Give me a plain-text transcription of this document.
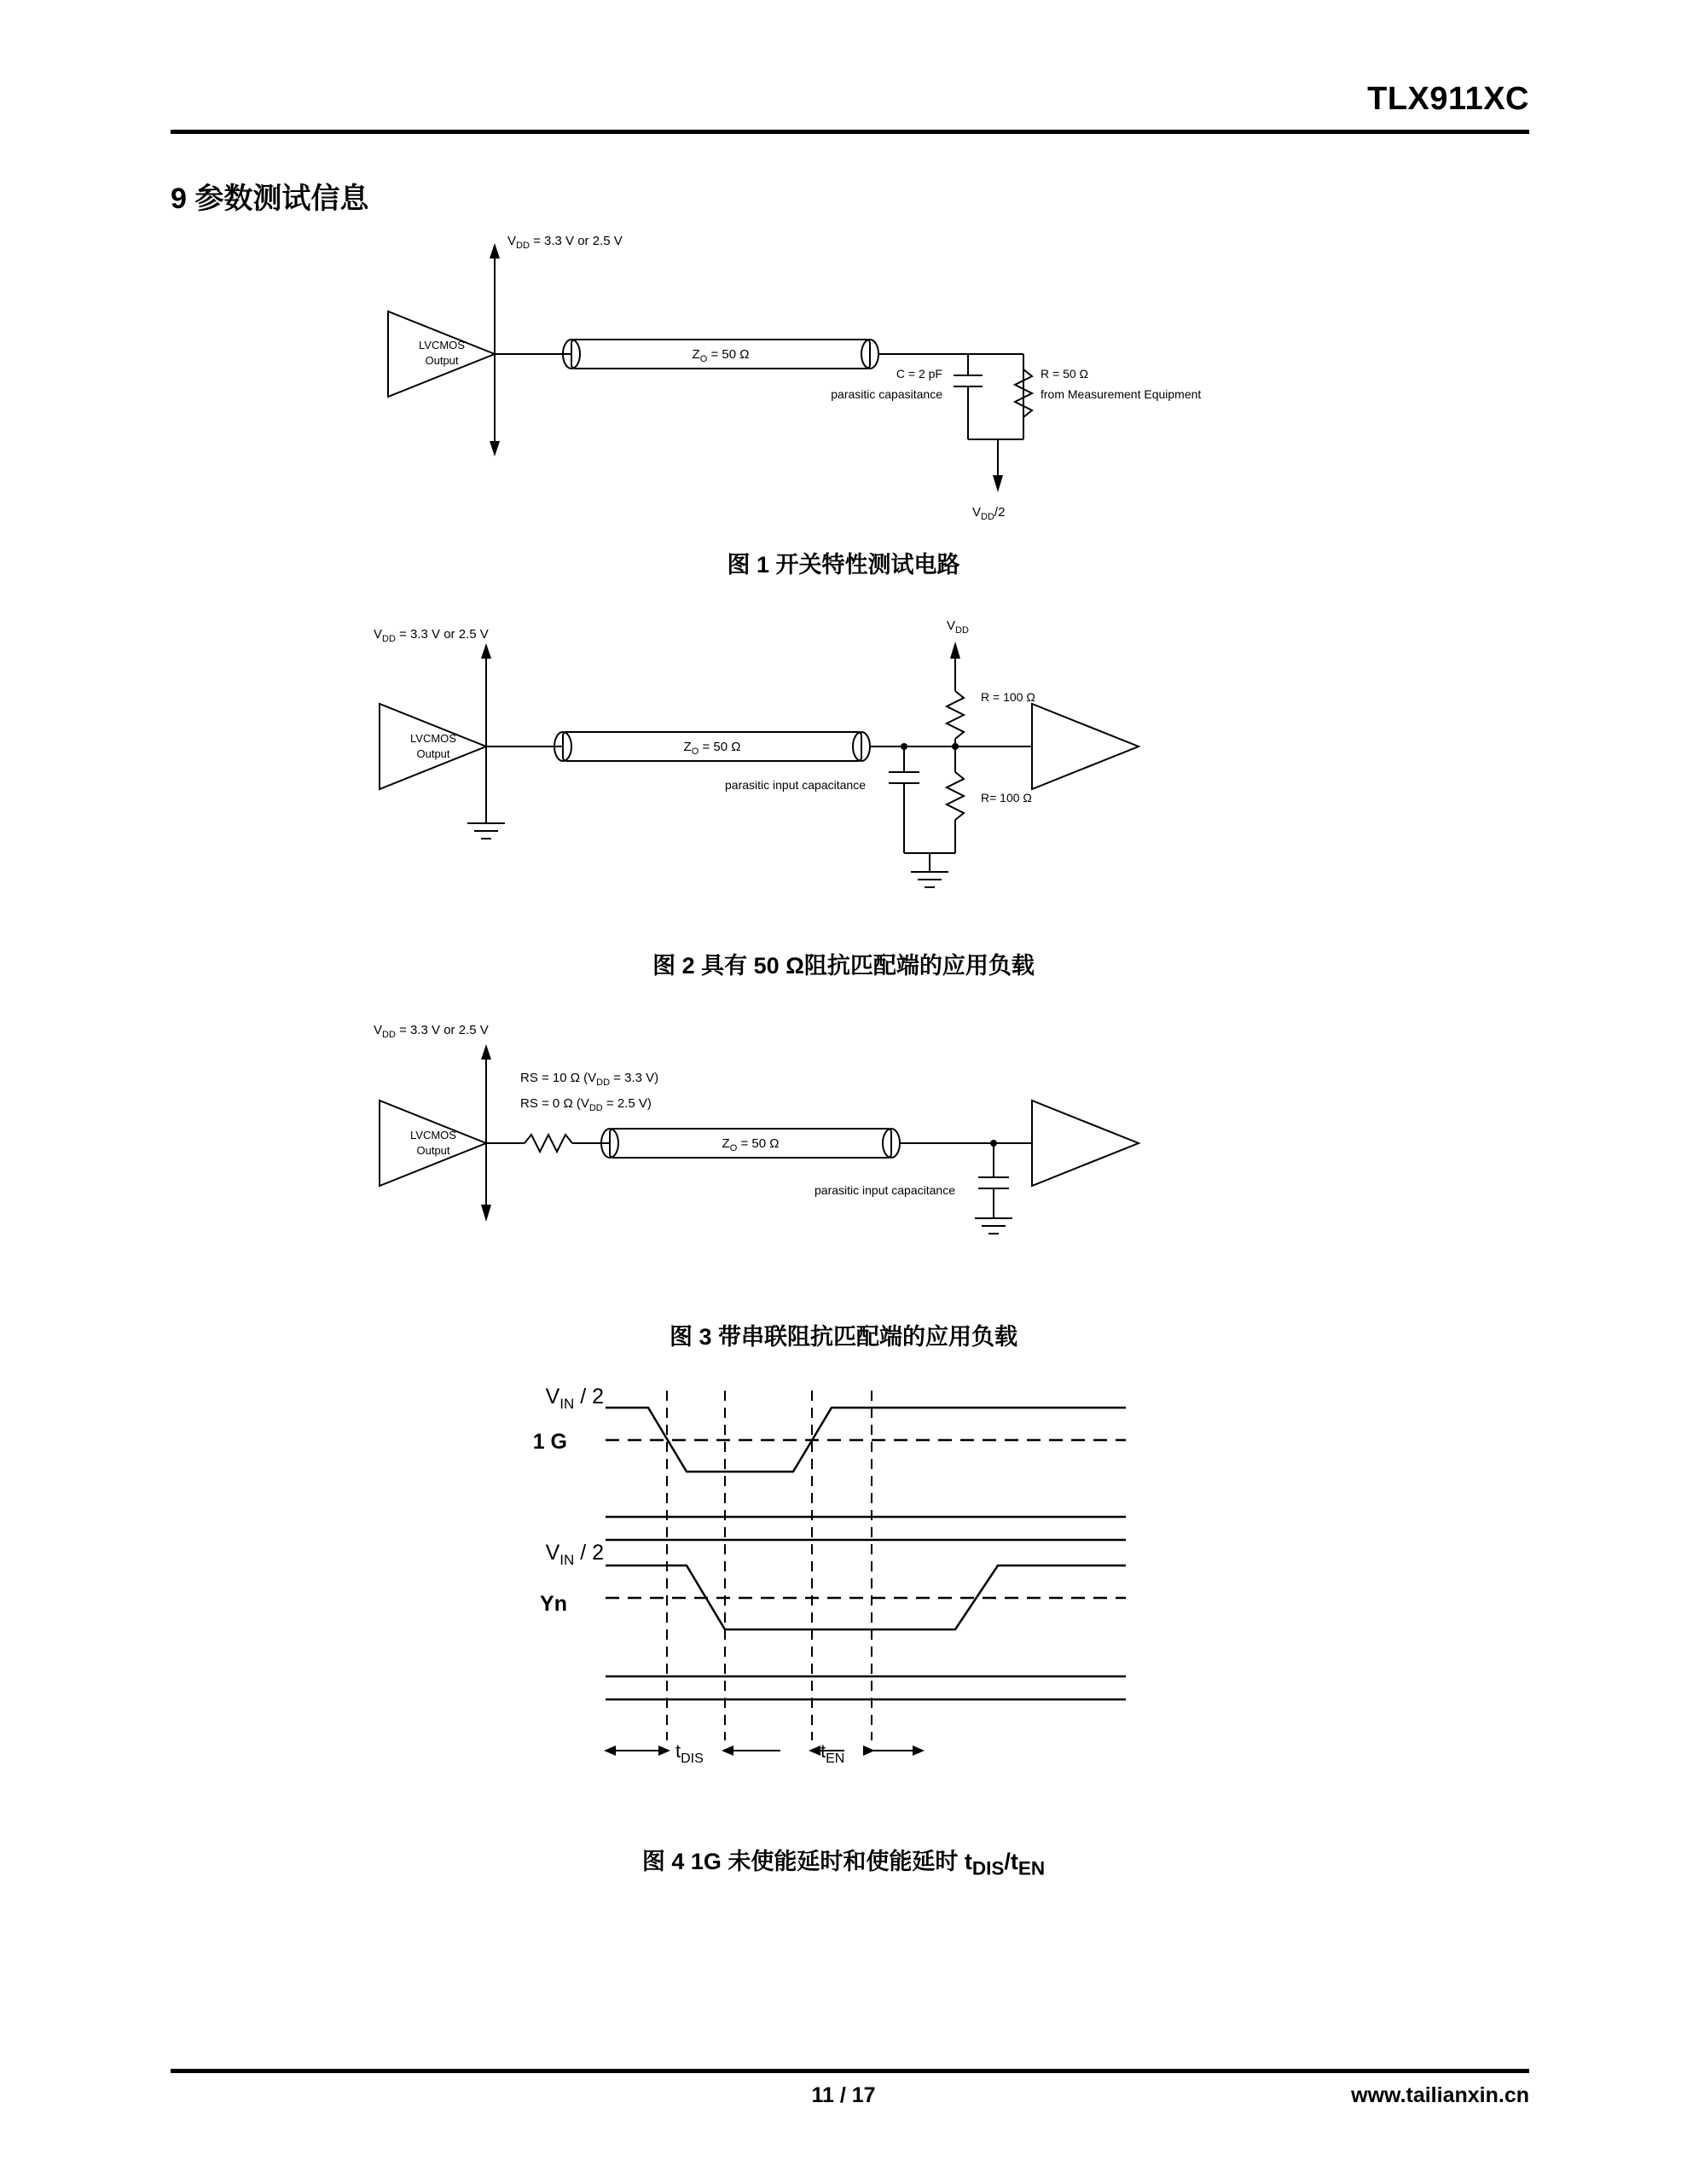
TLX911XC
9 参数测试信息
VDD = 3.3 V or 2.5 V
LVCMOS
Output	ZO = 50 Ω
C = 2 pF
parasitic capasitance
R = 50 Ω
from Measurement Equipment
VDD/2
图 1 开关特性测试电路
VDD = 3.3 V or 2.5 V
LVCMOS
Output	ZO = 50 Ω
VDD
R = 100 Ω
R= 100 Ω
parasitic input capacitance
图 2 具有 50 Ω阻抗匹配端的应用负载
VDD = 3.3 V or 2.5 V
LVCMOS
Output
RS = 10 Ω (VDD = 3.3 V)
RS = 0 Ω (VDD = 2.5 V)
ZO = 50 Ω
parasitic input capacitance
图 3 带串联阻抗匹配端的应用负载
VIN / 2
1 G
VIN / 2
Yn
tDIS	tEN
图 4 1G 未使能延时和使能延时 $t_{DIS}/t_{EN}$
11 / 17	www.tailianxin.cn
